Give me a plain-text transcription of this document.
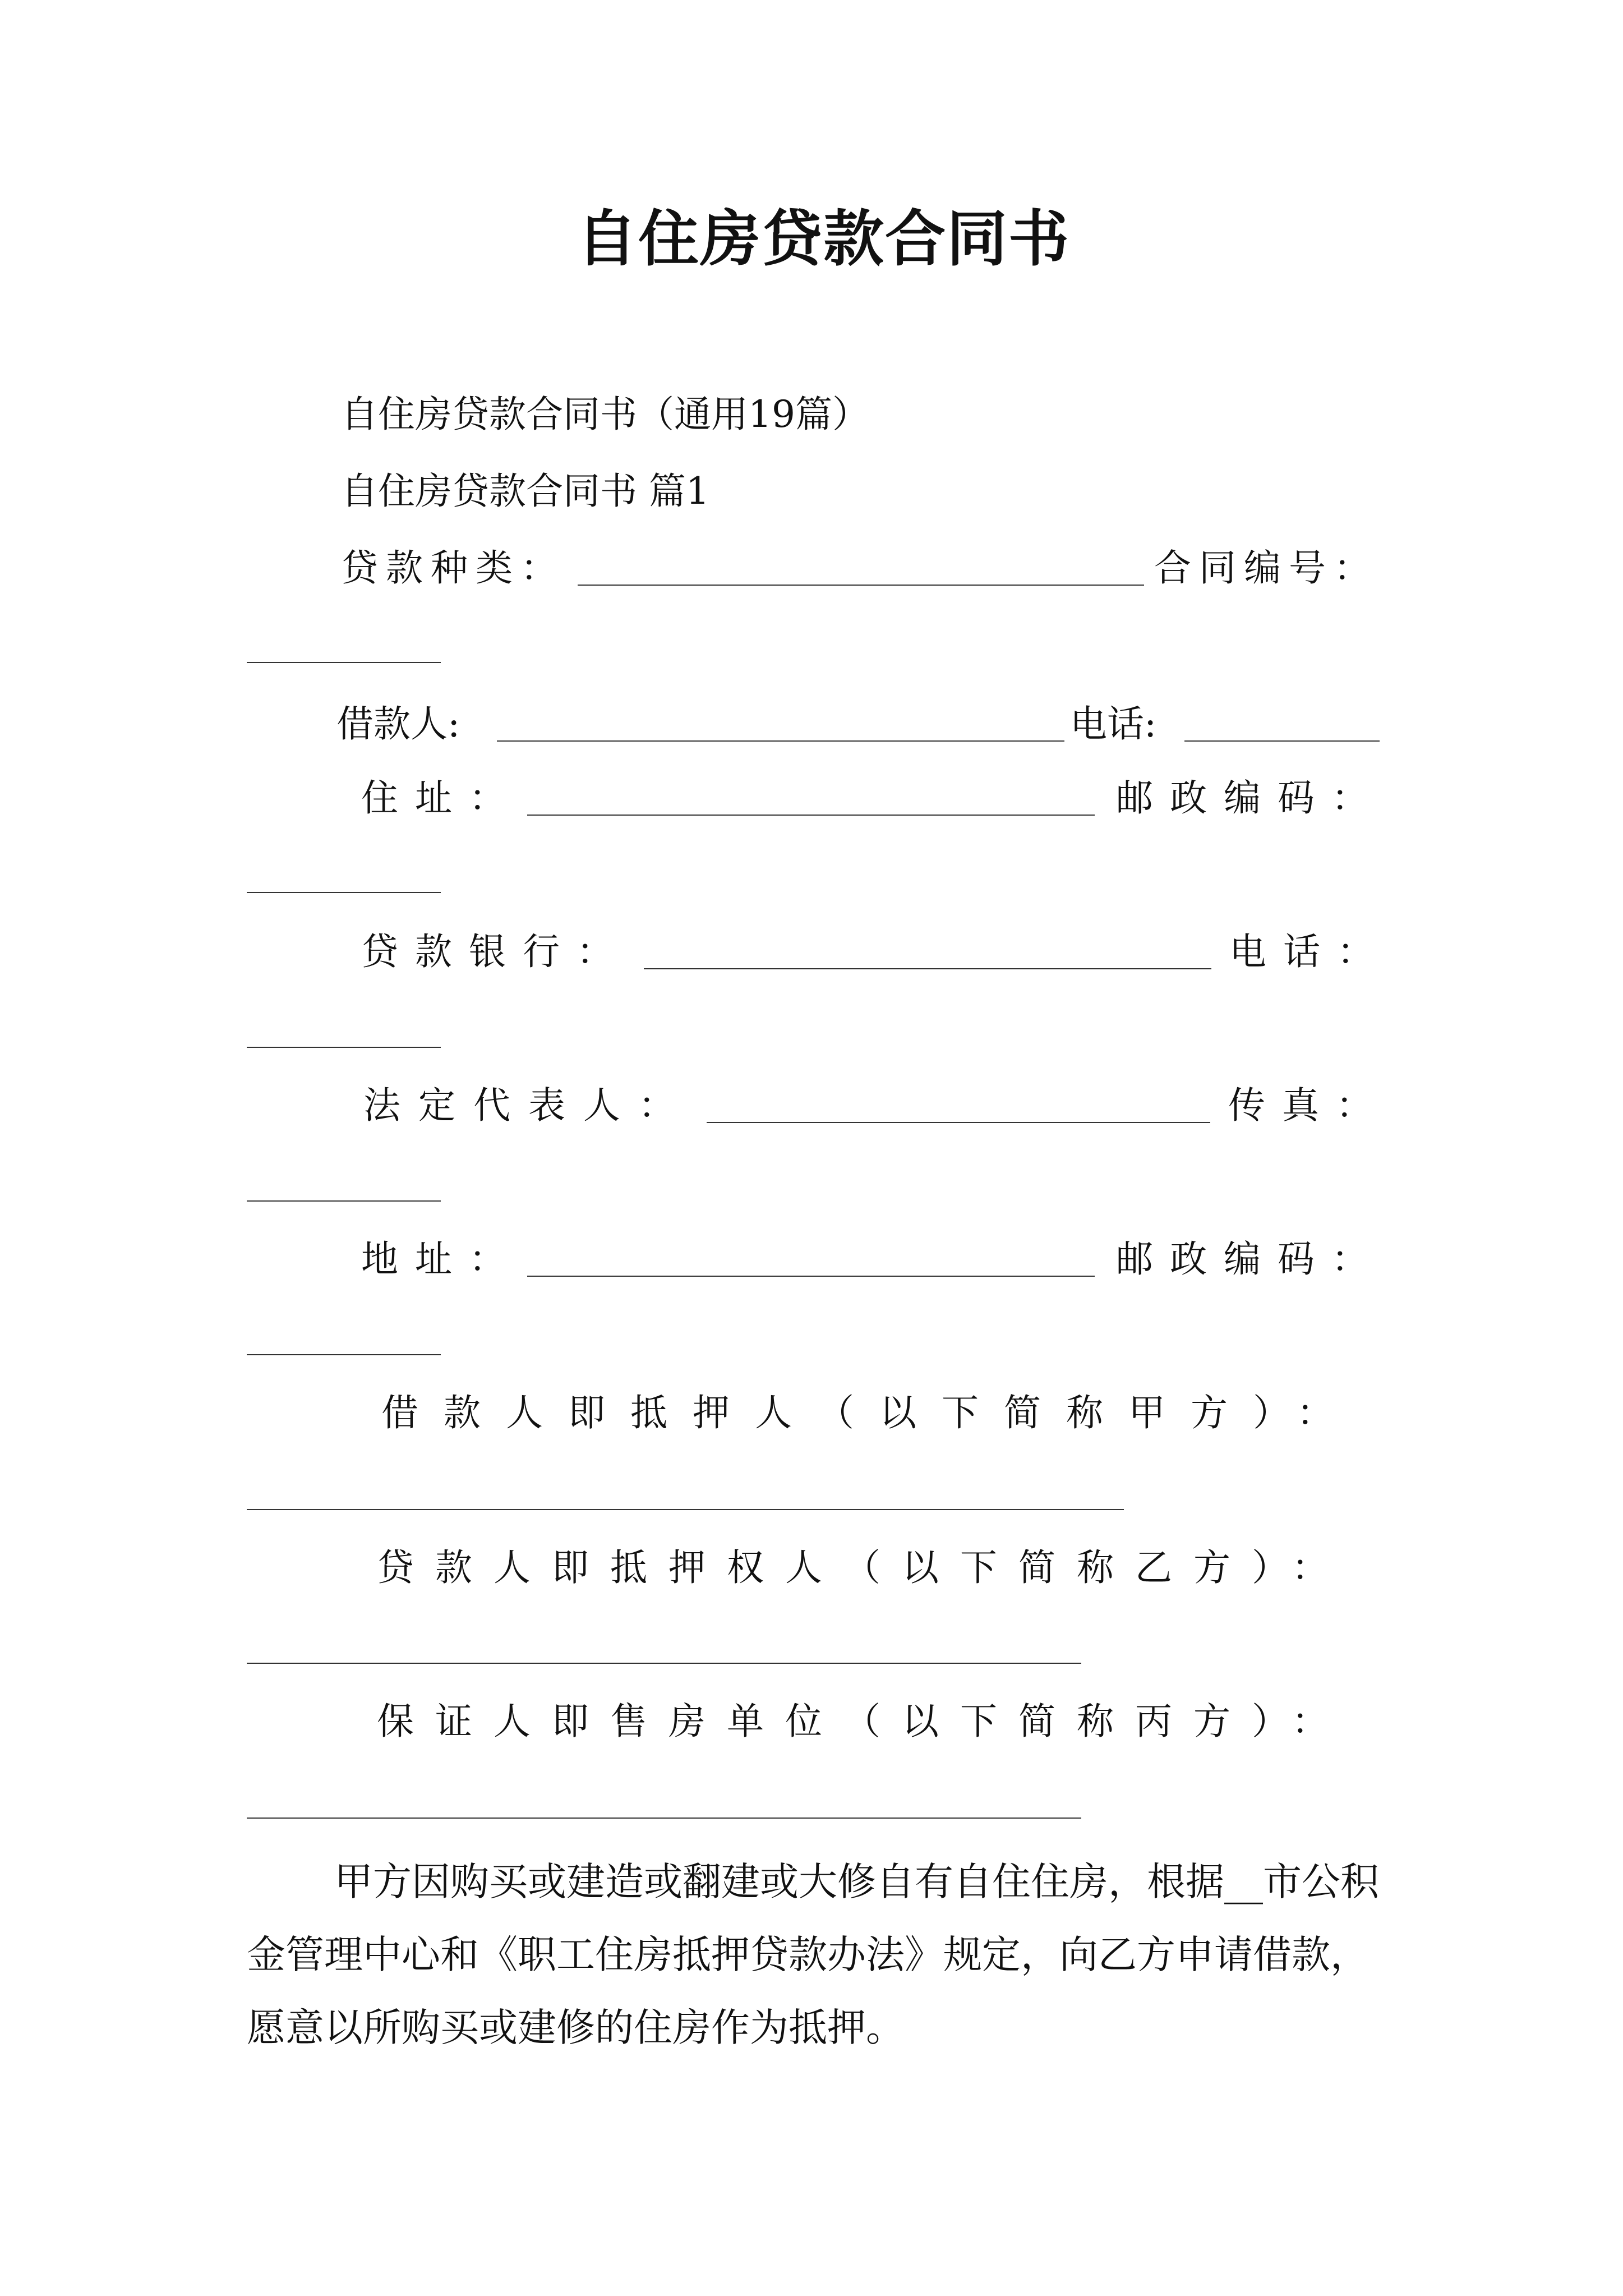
自住房贷款合同书
自住房贷款合同书（通用19篇）
自住房贷款合同书 篇1
贷款种类：	合同编号：
借款人:	电话:
住址：	邮政编码：
贷款银行：	电话：
法定代表人：	传真：
地址：	邮政编码：
借款人即抵押人（以下简称甲方）：
贷款人即抵押权人（以下简称乙方）：
保证人即售房单位（以下简称丙方）：
甲方因购买或建造或翻建或大修自有自住住房，根据__市公积金管理中心和《职工住房抵押贷款办法》规定，向乙方申请借款，愿意以所购买或建修的住房作为抵押。
